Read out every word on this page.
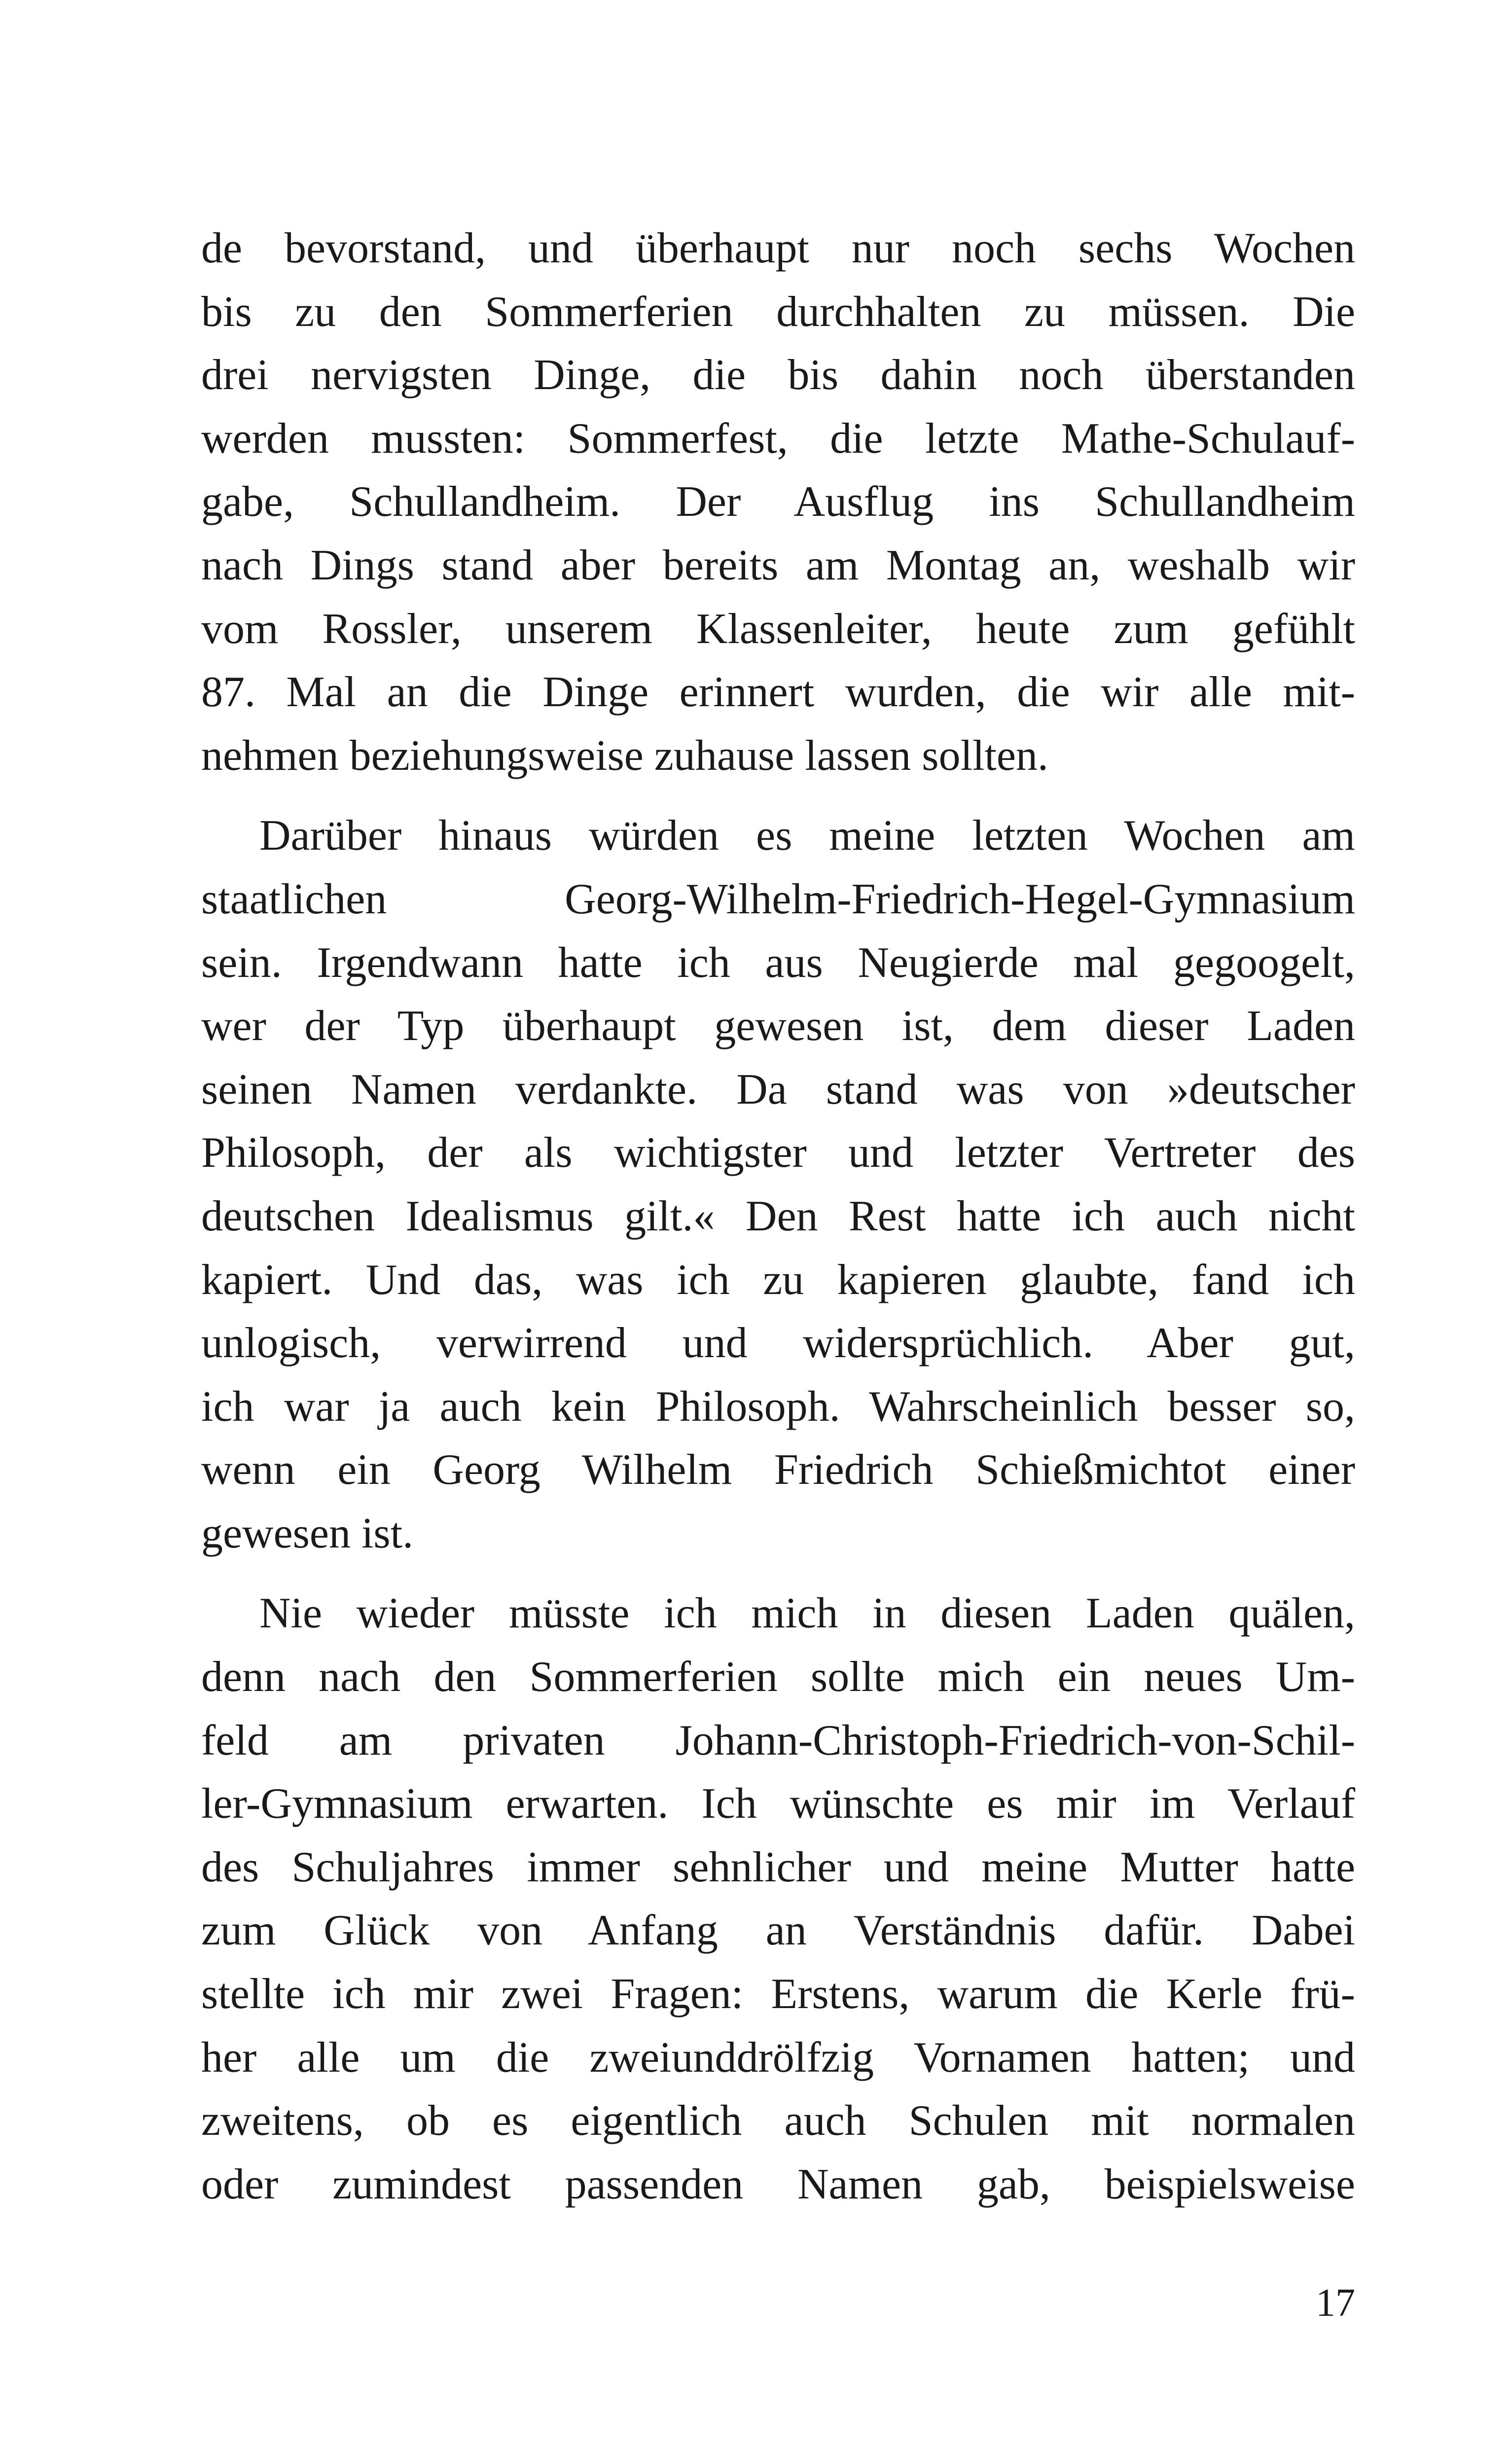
de bevorstand, und überhaupt nur noch sechs Wochen
bis zu den Sommerferien durchhalten zu müssen. Die
drei nervigsten Dinge, die bis dahin noch überstanden
werden mussten: Sommerfest, die letzte Mathe-Schulauf-
gabe, Schullandheim. Der Ausflug ins Schullandheim
nach Dings stand aber bereits am Montag an, weshalb wir
vom Rossler, unserem Klassenleiter, heute zum gefühlt
87. Mal an die Dinge erinnert wurden, die wir alle mit-
nehmen beziehungsweise zuhause lassen sollten.
Darüber hinaus würden es meine letzten Wochen am
staatlichen Georg-Wilhelm-Friedrich-Hegel-Gymnasium
sein. Irgendwann hatte ich aus Neugierde mal gegoogelt,
wer der Typ überhaupt gewesen ist, dem dieser Laden
seinen Namen verdankte. Da stand was von »deutscher
Philosoph, der als wichtigster und letzter Vertreter des
deutschen Idealismus gilt.« Den Rest hatte ich auch nicht
kapiert. Und das, was ich zu kapieren glaubte, fand ich
unlogisch, verwirrend und widersprüchlich. Aber gut,
ich war ja auch kein Philosoph. Wahrscheinlich besser so,
wenn ein Georg Wilhelm Friedrich Schießmichtot einer
gewesen ist.
Nie wieder müsste ich mich in diesen Laden quälen,
denn nach den Sommerferien sollte mich ein neues Um-
feld am privaten Johann-Christoph-Friedrich-von-Schil-
ler-Gymnasium erwarten. Ich wünschte es mir im Verlauf
des Schuljahres immer sehnlicher und meine Mutter hatte
zum Glück von Anfang an Verständnis dafür. Dabei
stellte ich mir zwei Fragen: Erstens, warum die Kerle frü-
her alle um die zweiunddrölfzig Vornamen hatten; und
zweitens, ob es eigentlich auch Schulen mit normalen
oder zumindest passenden Namen gab, beispielsweise
17
